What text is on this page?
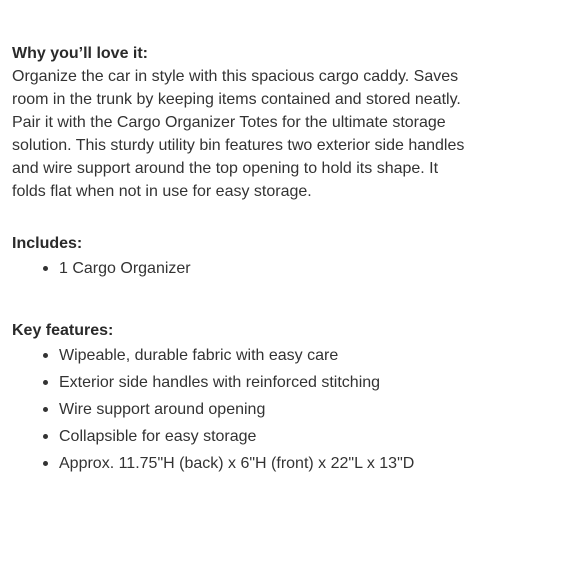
Why you’ll love it:

Organize the car in style with this spacious cargo caddy. Saves

room in the trunk by keeping items contained and stored neatly.

Pair it with the Cargo Organizer Totes for the ultimate storage

solution. This sturdy utility bin features two exterior side handles

and wire support around the top opening to hold its shape. It

folds flat when not in use for easy storage.

Includes:

1 Cargo Organizer

Key features:

Wipeable, durable fabric with easy care
Exterior side handles with reinforced stitching
Wire support around opening
Collapsible for easy storage
Approx. 11.75"H (back) x 6"H (front) x 22"L x 13"D
